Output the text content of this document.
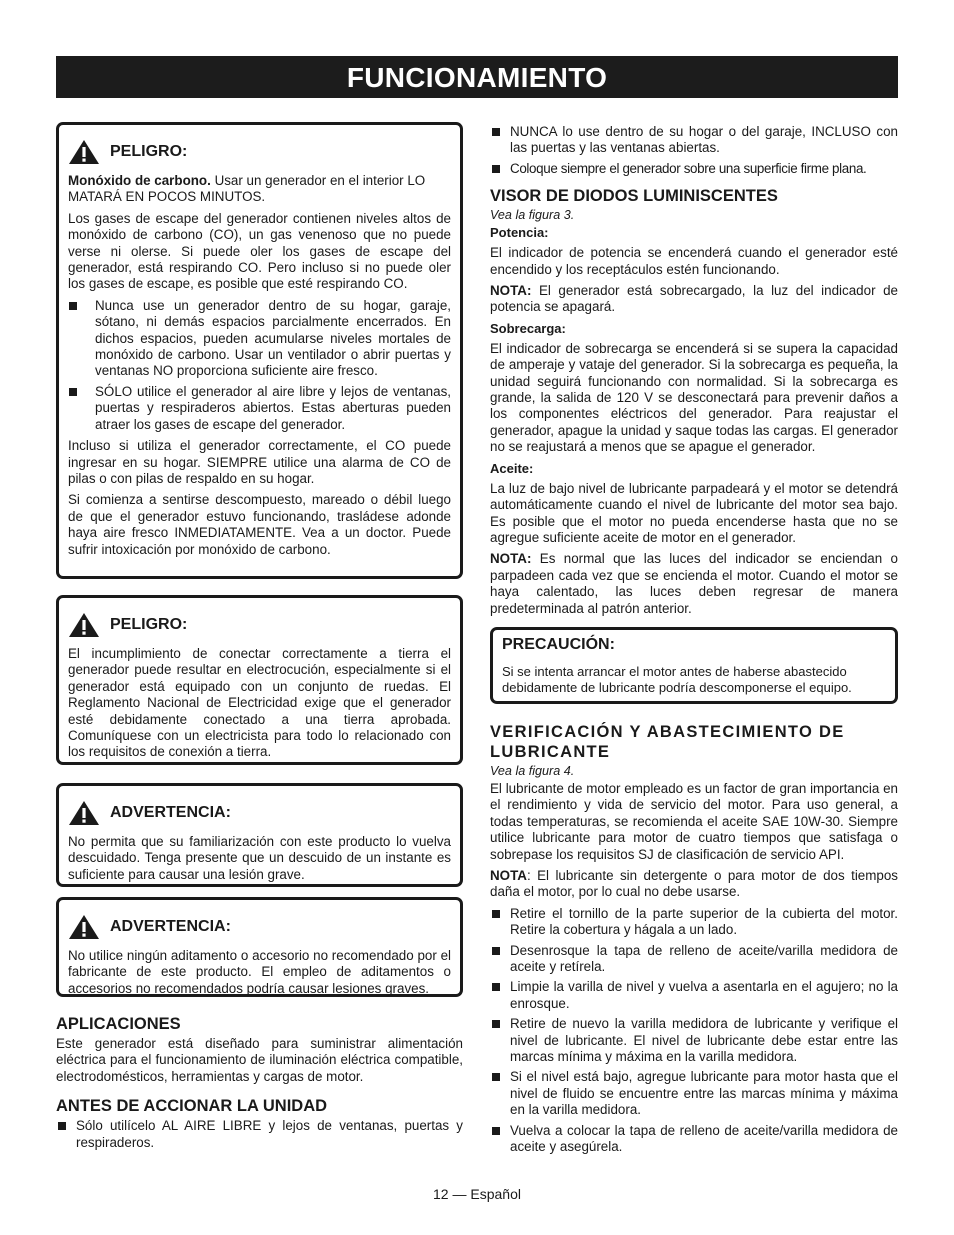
FUNCIONAMIENTO
PELIGRO:

Monóxido de carbono. Usar un generador en el interior LO MATARÁ EN POCOS MINUTOS.

Los gases de escape del generador contienen niveles altos de monóxido de carbono (CO), un gas venenoso que no puede verse ni olerse. Si puede oler los gases de escape del generador, está respirando CO. Pero incluso si no puede oler los gases de escape, es posible que esté respirando CO.

Nunca use un generador dentro de su hogar, garaje, sótano, ni demás espacios parcialmente encerrados. En dichos espacios, pueden acumularse niveles mortales de monóxido de carbono. Usar un ventilador o abrir puertas y ventanas NO proporciona suficiente aire fresco.
SÓLO utilice el generador al aire libre y lejos de ventanas, puertas y respiraderos abiertos. Estas aberturas pueden atraer los gases de escape del generador.

Incluso si utiliza el generador correctamente, el CO puede ingresar en su hogar. SIEMPRE utilice una alarma de CO de pilas o con pilas de respaldo en su hogar.

Si comienza a sentirse descompuesto, mareado o débil luego de que el generador estuvo funcionando, trasládese adonde haya aire fresco INMEDIATAMENTE. Vea a un doctor. Puede sufrir intoxicación por monóxido de carbono.

PELIGRO:

El incumplimiento de conectar correctamente a tierra el generador puede resultar en electrocución, especialmente si el generador está equipado con un conjunto de ruedas. El Reglamento Nacional de Electricidad exige que el generador esté debidamente conectado a una tierra aprobada. Comuníquese con un electricista para todo lo relacionado con los requisitos de conexión a tierra.

ADVERTENCIA:

No permita que su familiarización con este producto lo vuelva descuidado. Tenga presente que un descuido de un instante es suficiente para causar una lesión grave.

ADVERTENCIA:

No utilice ningún aditamento o accesorio no recomendado por el fabricante de este producto. El empleo de aditamentos o accesorios no recomendados podría causar lesiones graves.

APLICACIONES

Este generador está diseñado para suministrar alimentación eléctrica para el funcionamiento de iluminación eléctrica compatible, electrodomésticos, herramientas y cargas de motor.

ANTES DE ACCIONAR LA UNIDAD
Sólo utilícelo AL AIRE LIBRE y lejos de ventanas, puertas y respiraderos.
NUNCA lo use dentro de su hogar o del garaje, INCLUSO con las puertas y las ventanas abiertas.
Coloque siempre el generador sobre una superficie firme plana.
VISOR DE DIODOS LUMINISCENTES
Vea la figura 3.
Potencia:

El indicador de potencia se encenderá cuando el generador esté encendido y los receptáculos estén funcionando.

NOTA: El generador está sobrecargado, la luz del indicador de potencia se apagará.

Sobrecarga:

El indicador de sobrecarga se encenderá si se supera la capacidad de amperaje y vataje del generador. Si la sobrecarga es pequeña, la unidad seguirá funcionando con normalidad. Si la sobrecarga es grande, la salida de 120 V se desconectará para prevenir daños a los componentes eléctricos del generador. Para reajustar el generador, apague la unidad y saque todas las cargas. El generador no se reajustará a menos que se apague el generador.

Aceite:

La luz de bajo nivel de lubricante parpadeará y el motor se detendrá automáticamente cuando el nivel de lubricante del motor sea bajo. Es posible que el motor no pueda encenderse hasta que no se agregue suficiente aceite de motor en el generador.

NOTA: Es normal que las luces del indicador se enciendan o parpadeen cada vez que se encienda el motor. Cuando el motor se haya calentado, las luces deben regresar de manera predeterminada al patrón anterior.

PRECAUCIÓN:

Si se intenta arrancar el motor antes de haberse abastecido debidamente de lubricante podría descomponerse el equipo.

VERIFICACIÓN Y ABASTECIMIENTO DE LUBRICANTE
Vea la figura 4.

El lubricante de motor empleado es un factor de gran importancia en el rendimiento y vida de servicio del motor. Para uso general, a todas temperaturas, se recomienda el aceite SAE 10W-30. Siempre utilice lubricante para motor de cuatro tiempos que satisfaga o sobrepase los requisitos SJ de clasificación de servicio API.

NOTA: El lubricante sin detergente o para motor de dos tiempos daña el motor, por lo cual no debe usarse.

Retire el tornillo de la parte superior de la cubierta del motor. Retire la cobertura y hágala a un lado.
Desenrosque la tapa de relleno de aceite/varilla medidora de aceite y retírela.
Limpie la varilla de nivel y vuelva a asentarla en el agujero; no la enrosque.
Retire de nuevo la varilla medidora de lubricante y verifique el nivel de lubricante. El nivel de lubricante debe estar entre las marcas mínima y máxima en la varilla medidora.
Si el nivel está bajo, agregue lubricante para motor hasta que el nivel de fluido se encuentre entre las marcas mínima y máxima en la varilla medidora.
Vuelva a colocar la tapa de relleno de aceite/varilla medidora de aceite y asegúrela.
12 — Español
